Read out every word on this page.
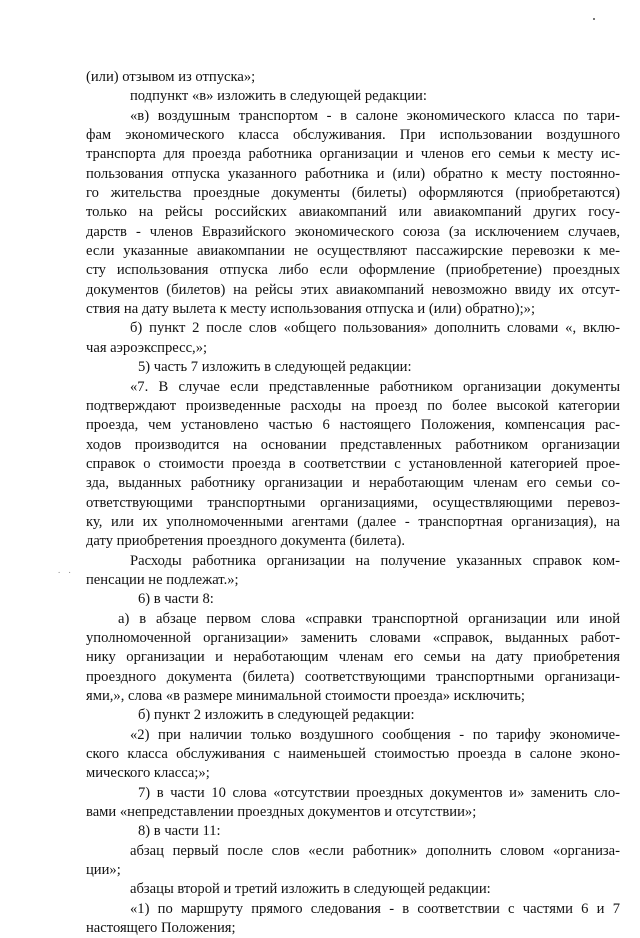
. .
(или) отзывом из отпуска»;
подпункт «в» изложить в следующей редакции:
«в) воздушным транспортом - в салоне экономического класса по тари-
фам экономического класса обслуживания. При использовании воздушного
транспорта для проезда работника организации и членов его семьи к месту ис-
пользования отпуска указанного работника и (или) обратно к месту постоянно-
го жительства проездные документы (билеты) оформляются (приобретаются)
только на рейсы российских авиакомпаний или авиакомпаний других госу-
дарств - членов Евразийского экономического союза (за исключением случаев,
если указанные авиакомпании не осуществляют пассажирские перевозки к ме-
сту использования отпуска либо если оформление (приобретение) проездных
документов (билетов) на рейсы этих авиакомпаний невозможно ввиду их отсут-
ствия на дату вылета к месту использования отпуска и (или) обратно);»;
б) пункт 2 после слов «общего пользования» дополнить словами «, вклю-
чая аэроэкспресс,»;
5) часть 7 изложить в следующей редакции:
«7. В случае если представленные работником организации документы
подтверждают произведенные расходы на проезд по более высокой категории
проезда, чем установлено частью 6 настоящего Положения, компенсация рас-
ходов производится на основании представленных работником организации
справок о стоимости проезда в соответствии с установленной категорией прое-
зда, выданных работнику организации и неработающим членам его семьи со-
ответствующими транспортными организациями, осуществляющими перевоз-
ку, или их уполномоченными агентами (далее - транспортная организация), на
дату приобретения проездного документа (билета).
Расходы работника организации на получение указанных справок ком-
пенсации не подлежат.»;
6) в части 8:
а) в абзаце первом слова «справки транспортной организации или иной
уполномоченной организации» заменить словами «справок, выданных работ-
нику организации и неработающим членам его семьи на дату приобретения
проездного документа (билета) соответствующими транспортными организаци-
ями,», слова «в размере минимальной стоимости проезда» исключить;
б) пункт 2 изложить в следующей редакции:
«2) при наличии только воздушного сообщения - по тарифу экономиче-
ского класса обслуживания с наименьшей стоимостью проезда в салоне эконо-
мического класса;»;
7) в части 10 слова «отсутствии проездных документов и» заменить сло-
вами «непредставлении проездных документов и отсутствии»;
8) в части 11:
абзац первый после слов «если работник» дополнить словом «организа-
ции»;
абзацы второй и третий изложить в следующей редакции:
«1) по маршруту прямого следования - в соответствии с частями 6 и 7
настоящего Положения;
